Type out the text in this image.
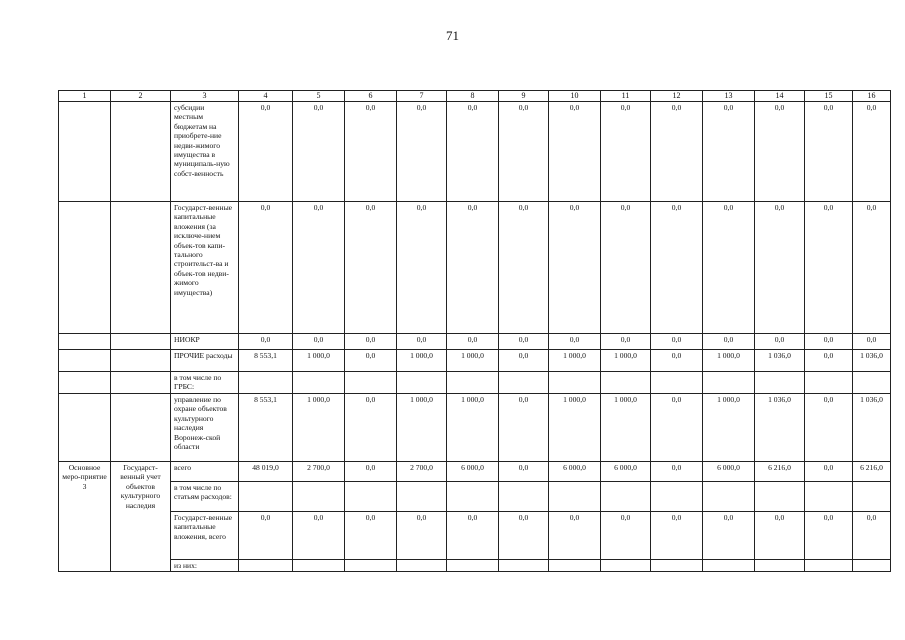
71
1	2	3	4	5	6	7	8	9	10	11	12	13	14	15	16
		субсидии местным бюджетам на приобрете-ние недви-жимого имущества в муниципаль-ную собст-венность	0,0	0,0	0,0	0,0	0,0	0,0	0,0	0,0	0,0	0,0	0,0	0,0	0,0
		Государст-венные капитальные вложения (за исключе-нием объек-тов капи-тального строительст-ва и объек-тов недви-жимого имущества)	0,0	0,0	0,0	0,0	0,0	0,0	0,0	0,0	0,0	0,0	0,0	0,0	0,0
		НИОКР	0,0	0,0	0,0	0,0	0,0	0,0	0,0	0,0	0,0	0,0	0,0	0,0	0,0
		ПРОЧИЕ расходы	8 553,1	1 000,0	0,0	1 000,0	1 000,0	0,0	1 000,0	1 000,0	0,0	1 000,0	1 036,0	0,0	1 036,0
		в том числе по ГРБС:													
		управление по охране объектов культурного наследия Воронеж-ской области	8 553,1	1 000,0	0,0	1 000,0	1 000,0	0,0	1 000,0	1 000,0	0,0	1 000,0	1 036,0	0,0	1 036,0
Основное меро-приятие 3	Государст-венный учет объектов культурного наследия	всего	48 019,0	2 700,0	0,0	2 700,0	6 000,0	0,0	6 000,0	6 000,0	0,0	6 000,0	6 216,0	0,0	6 216,0
		в том числе по статьям расходов:													
		Государст-венные капитальные вложения, всего	0,0	0,0	0,0	0,0	0,0	0,0	0,0	0,0	0,0	0,0	0,0	0,0	0,0
		из них:													
